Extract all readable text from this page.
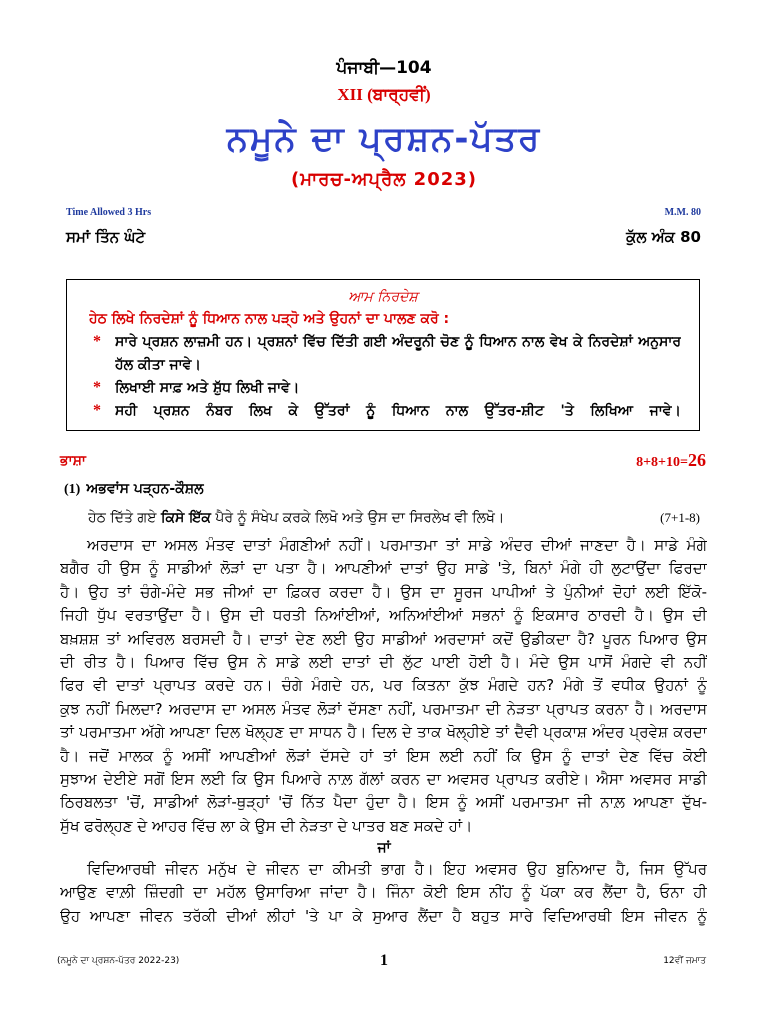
ਪੰਜਾਬੀ—104
XII (ਬਾਰ੍ਹਵੀਂ)
ਨਮੂਨੇ ਦਾ ਪ੍ਰਸ਼ਨ-ਪੱਤਰ
(ਮਾਰਚ-ਅਪ੍ਰੈਲ 2023)
Time Allowed 3 Hrs	M.M. 80
ਸਮਾਂ ਤਿੰਨ ਘੰਟੇ	ਕੁੱਲ ਅੰਕ 80
ਆਮ ਨਿਰਦੇਸ਼
ਹੇਠ ਲਿਖੇ ਨਿਰਦੇਸ਼ਾਂ ਨੂੰ ਧਿਆਨ ਨਾਲ ਪੜ੍ਹੋ ਅਤੇ ਉਹਨਾਂ ਦਾ ਪਾਲਣ ਕਰੋ :
*	ਸਾਰੇ ਪ੍ਰਸ਼ਨ ਲਾਜ਼ਮੀ ਹਨ। ਪ੍ਰਸ਼ਨਾਂ ਵਿੱਚ ਦਿੱਤੀ ਗਈ ਅੰਦਰੂਨੀ ਚੋਣ ਨੂੰ ਧਿਆਨ ਨਾਲ ਵੇਖ ਕੇ ਨਿਰਦੇਸ਼ਾਂ ਅਨੁਸਾਰ
ਹੱਲ ਕੀਤਾ ਜਾਵੇ।
*	ਲਿਖਾਈ ਸਾਫ਼ ਅਤੇ ਸ਼ੁੱਧ ਲਿਖੀ ਜਾਵੇ।
*	ਸਹੀ ਪ੍ਰਸ਼ਨ ਨੰਬਰ ਲਿਖ ਕੇ ਉੱਤਰਾਂ ਨੂੰ ਧਿਆਨ ਨਾਲ ਉੱਤਰ-ਸ਼ੀਟ 'ਤੇ ਲਿਖਿਆ ਜਾਵੇ।
ਭਾਸ਼ਾ	8+8+10=26
(1) ਅਭਵਾਂਸ ਪੜ੍ਹਨ-ਕੌਸ਼ਲ
ਹੇਠ ਦਿੱਤੇ ਗਏ ਕਿਸੇ ਇੱਕ ਪੈਰੇ ਨੂੰ ਸੰਖੇਪ ਕਰਕੇ ਲਿਖੋ ਅਤੇ ਉਸ ਦਾ ਸਿਰਲੇਖ ਵੀ ਲਿਖੋ।	(7+1-8)
ਅਰਦਾਸ ਦਾ ਅਸਲ ਮੰਤਵ ਦਾਤਾਂ ਮੰਗਣੀਆਂ ਨਹੀਂ। ਪਰਮਾਤਮਾ ਤਾਂ ਸਾਡੇ ਅੰਦਰ ਦੀਆਂ ਜਾਣਦਾ ਹੈ। ਸਾਡੇ ਮੰਗੇ
ਬਗੈਰ ਹੀ ਉਸ ਨੂੰ ਸਾਡੀਆਂ ਲੋੜਾਂ ਦਾ ਪਤਾ ਹੈ। ਆਪਣੀਆਂ ਦਾਤਾਂ ਉਹ ਸਾਡੇ 'ਤੇ, ਬਿਨਾਂ ਮੰਗੇ ਹੀ ਲੁਟਾਉਂਦਾ ਫਿਰਦਾ
ਹੈ। ਉਹ ਤਾਂ ਚੰਗੇ-ਮੰਦੇ ਸਭ ਜੀਆਂ ਦਾ ਫ਼ਿਕਰ ਕਰਦਾ ਹੈ। ਉਸ ਦਾ ਸੂਰਜ ਪਾਪੀਆਂ ਤੇ ਪੁੰਨੀਆਂ ਦੋਹਾਂ ਲਈ ਇੱਕੋ-
ਜਿਹੀ ਧੁੱਪ ਵਰਤਾਉਂਦਾ ਹੈ। ਉਸ ਦੀ ਧਰਤੀ ਨਿਆਂਈਆਂ, ਅਨਿਆਂਈਆਂ ਸਭਨਾਂ ਨੂੰ ਇਕਸਾਰ ਠਾਰਦੀ ਹੈ। ਉਸ ਦੀ
ਬਖ਼ਸ਼ਸ਼ ਤਾਂ ਅਵਿਰਲ ਬਰਸਦੀ ਹੈ। ਦਾਤਾਂ ਦੇਣ ਲਈ ਉਹ ਸਾਡੀਆਂ ਅਰਦਾਸਾਂ ਕਦੋਂ ਉਡੀਕਦਾ ਹੈ? ਪੂਰਨ ਪਿਆਰ ਉਸ
ਦੀ ਰੀਤ ਹੈ। ਪਿਆਰ ਵਿੱਚ ਉਸ ਨੇ ਸਾਡੇ ਲਈ ਦਾਤਾਂ ਦੀ ਲੁੱਟ ਪਾਈ ਹੋਈ ਹੈ। ਮੰਦੇ ਉਸ ਪਾਸੋਂ ਮੰਗਦੇ ਵੀ ਨਹੀਂ
ਫਿਰ ਵੀ ਦਾਤਾਂ ਪ੍ਰਾਪਤ ਕਰਦੇ ਹਨ। ਚੰਗੇ ਮੰਗਦੇ ਹਨ, ਪਰ ਕਿਤਨਾ ਕੁੱਝ ਮੰਗਦੇ ਹਨ? ਮੰਗੇ ਤੋਂ ਵਧੀਕ ਉਹਨਾਂ ਨੂੰ
ਕੁਝ ਨਹੀਂ ਮਿਲਦਾ? ਅਰਦਾਸ ਦਾ ਅਸਲ ਮੰਤਵ ਲੋੜਾਂ ਦੱਸਣਾ ਨਹੀਂ, ਪਰਮਾਤਮਾ ਦੀ ਨੇੜਤਾ ਪ੍ਰਾਪਤ ਕਰਨਾ ਹੈ। ਅਰਦਾਸ
ਤਾਂ ਪਰਮਾਤਮਾ ਅੱਗੇ ਆਪਣਾ ਦਿਲ ਖੋਲ੍ਹਣ ਦਾ ਸਾਧਨ ਹੈ। ਦਿਲ ਦੇ ਤਾਕ ਖੋਲ੍ਹੀਏ ਤਾਂ ਦੈਵੀ ਪ੍ਰਕਾਸ਼ ਅੰਦਰ ਪ੍ਰਵੇਸ਼ ਕਰਦਾ
ਹੈ। ਜਦੋਂ ਮਾਲਕ ਨੂੰ ਅਸੀਂ ਆਪਣੀਆਂ ਲੋੜਾਂ ਦੱਸਦੇ ਹਾਂ ਤਾਂ ਇਸ ਲਈ ਨਹੀਂ ਕਿ ਉਸ ਨੂੰ ਦਾਤਾਂ ਦੇਣ ਵਿੱਚ ਕੋਈ
ਸੁਝਾਅ ਦੇਈਏ ਸਗੋਂ ਇਸ ਲਈ ਕਿ ਉਸ ਪਿਆਰੇ ਨਾਲ਼ ਗੱਲਾਂ ਕਰਨ ਦਾ ਅਵਸਰ ਪ੍ਰਾਪਤ ਕਰੀਏ। ਐਸਾ ਅਵਸਰ ਸਾਡੀ
ਠਿਰਬਲਤਾ 'ਚੋਂ, ਸਾਡੀਆਂ ਲੋੜਾਂ-ਥੁੜ੍ਹਾਂ 'ਚੋਂ ਨਿੱਤ ਪੈਦਾ ਹੁੰਦਾ ਹੈ। ਇਸ ਨੂੰ ਅਸੀਂ ਪਰਮਾਤਮਾ ਜੀ ਨਾਲ਼ ਆਪਣਾ ਦੁੱਖ-
ਸੁੱਖ ਫਰੋਲ੍ਹਣ ਦੇ ਆਹਰ ਵਿੱਚ ਲਾ ਕੇ ਉਸ ਦੀ ਨੇੜਤਾ ਦੇ ਪਾਤਰ ਬਣ ਸਕਦੇ ਹਾਂ।
ਜਾਂ
ਵਿਦਿਆਰਥੀ ਜੀਵਨ ਮਨੁੱਖ ਦੇ ਜੀਵਨ ਦਾ ਕੀਮਤੀ ਭਾਗ ਹੈ। ਇਹ ਅਵਸਰ ਉਹ ਬੁਨਿਆਦ ਹੈ, ਜਿਸ ਉੱਪਰ
ਆਉਣ ਵਾਲ਼ੀ ਜ਼ਿੰਦਗੀ ਦਾ ਮਹੱਲ ਉਸਾਰਿਆ ਜਾਂਦਾ ਹੈ। ਜਿੰਨਾ ਕੋਈ ਇਸ ਨੀਂਹ ਨੂੰ ਪੱਕਾ ਕਰ ਲੈਂਦਾ ਹੈ, ਓਨਾ ਹੀ
ਉਹ ਆਪਣਾ ਜੀਵਨ ਤਰੱਕੀ ਦੀਆਂ ਲੀਹਾਂ 'ਤੇ ਪਾ ਕੇ ਸੁਆਰ ਲੈਂਦਾ ਹੈ ਬਹੁਤ ਸਾਰੇ ਵਿਦਿਆਰਥੀ ਇਸ ਜੀਵਨ ਨੂੰ
(ਨਮੂਨੇ ਦਾ ਪ੍ਰਸ਼ਨ-ਪੱਤਰ 2022-23)	1	12ਵੀਂ ਜਮਾਤ
